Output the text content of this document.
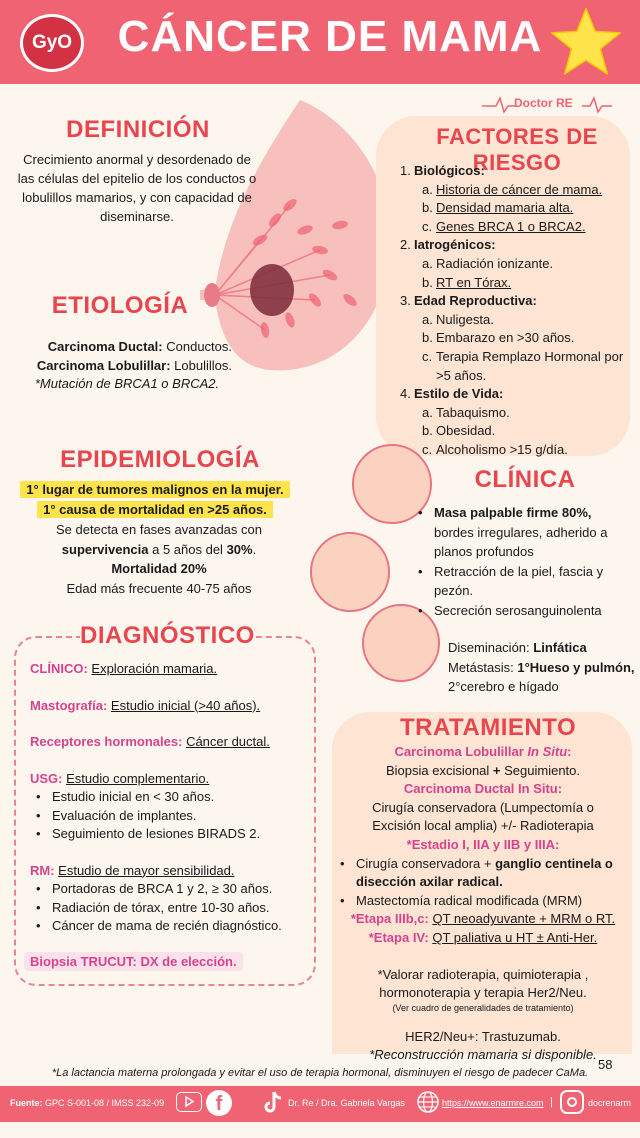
GyO	CÁNCER DE MAMA
Doctor RE
DEFINICIÓN
Crecimiento anormal y desordenado de las células del epitelio de los conductos o lobulillos mamarios, y con capacidad de diseminarse.
ETIOLOGÍA
Carcinoma Ductal: Conductos.
Carcinoma Lobulillar: Lobulillos.
*Mutación de BRCA1 o BRCA2.
FACTORES DE RIESGO
1. Biológicos:
a. Historia de cáncer de mama.
b. Densidad mamaria alta.
c. Genes BRCA 1 o BRCA2.
2. Iatrogénicos:
a. Radiación ionizante.
b. RT en Tórax.
3. Edad Reproductiva:
a. Nuligesta.
b. Embarazo en >30 años.
c. Terapia Remplazo Hormonal por >5 años.
4. Estilo de Vida:
a. Tabaquismo.
b. Obesidad.
c. Alcoholismo >15 g/día.
EPIDEMIOLOGÍA
1° lugar de tumores malignos en la mujer.
1° causa de mortalidad en >25 años.
Se detecta en fases avanzadas con
supervivencia a 5 años del 30%.
Mortalidad 20%
Edad más frecuente 40-75 años
CLÍNICA
• Masa palpable firme 80%, bordes irregulares, adherido a planos profundos
• Retracción de la piel, fascia y pezón.
• Secreción serosanguinolenta
Diseminación: Linfática
Metástasis: 1°Hueso y pulmón, 2°cerebro e hígado
DIAGNÓSTICO
CLÍNICO: Exploración mamaria.
Mastografía: Estudio inicial (>40 años).
Receptores hormonales: Cáncer ductal.
USG: Estudio complementario.
• Estudio inicial en < 30 años.
• Evaluación de implantes.
• Seguimiento de lesiones BIRADS 2.
RM: Estudio de mayor sensibilidad.
• Portadoras de BRCA 1 y 2, ≥ 30 años.
• Radiación de tórax, entre 10-30 años.
• Cáncer de mama de recién diagnóstico.
Biopsia TRUCUT: DX de elección.
TRATAMIENTO
Carcinoma Lobulillar In Situ:
Biopsia excisional + Seguimiento.
Carcinoma Ductal In Situ:
Cirugía conservadora (Lumpectomía o Excisión local amplia) +/- Radioterapia
*Estadio I, IIA y IIB y IIIA:
• Cirugía conservadora + ganglio centinela o disección axilar radical.
• Mastectomía radical modificada (MRM)
*Etapa IIIb,c: QT neoadyuvante + MRM o RT.
*Etapa IV: QT paliativa u HT ± Anti-Her.
*Valorar radioterapia, quimioterapia , hormonoterapia y terapia Her2/Neu.
(Ver cuadro de generalidades de tratamiento)
HER2/Neu+: Trastuzumab.
*Reconstrucción mamaria si disponible.
58
*La lactancia materna prolongada y evitar el uso de terapia hormonal, disminuyen el riesgo de padecer CaMa.
Fuente: GPC S-001-08 / IMSS 232-09	f	Dr. Re / Dra. Gabriela Vargas	https://www.enarmre.com |	docrenarm
